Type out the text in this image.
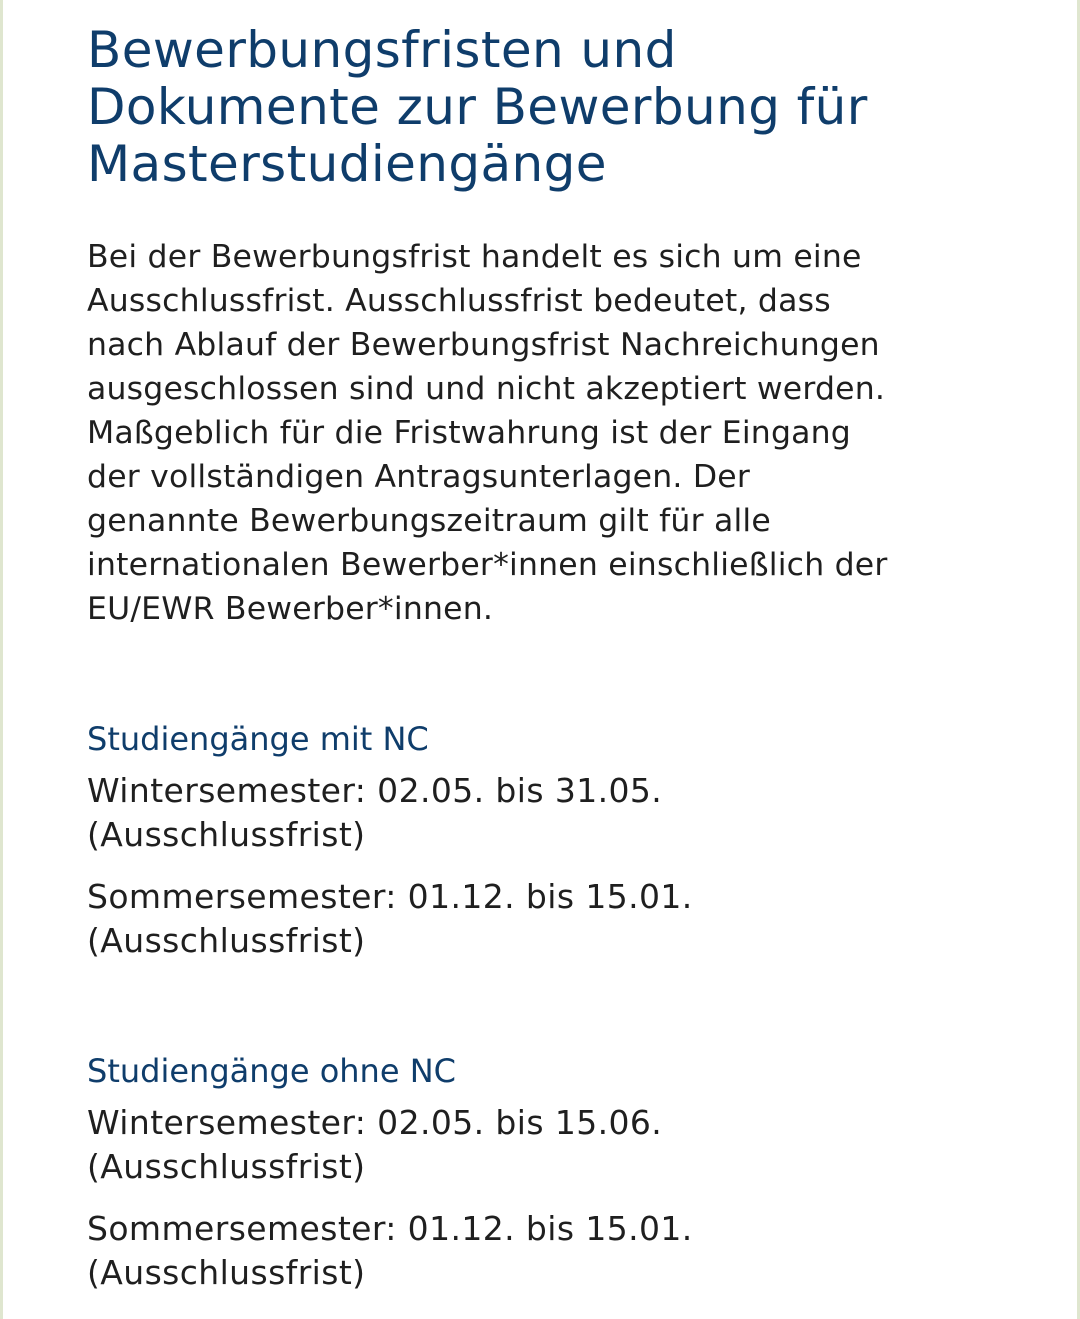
Bewerbungsfristen und
Dokumente zur Bewerbung für
Masterstudiengänge

Bei der Bewerbungsfrist handelt es sich um eine
Ausschlussfrist. Ausschlussfrist bedeutet, dass
nach Ablauf der Bewerbungsfrist Nachreichungen
ausgeschlossen sind und nicht akzeptiert werden.
Maßgeblich für die Fristwahrung ist der Eingang
der vollständigen Antragsunterlagen. Der
genannte Bewerbungszeitraum gilt für alle
internationalen Bewerber*innen einschließlich der
EU/EWR Bewerber*innen.

Studiengänge mit NC

Wintersemester: 02.05. bis 31.05.
(Ausschlussfrist)

Sommersemester: 01.12. bis 15.01.
(Ausschlussfrist)

Studiengänge ohne NC

Wintersemester: 02.05. bis 15.06.
(Ausschlussfrist)

Sommersemester: 01.12. bis 15.01.
(Ausschlussfrist)
